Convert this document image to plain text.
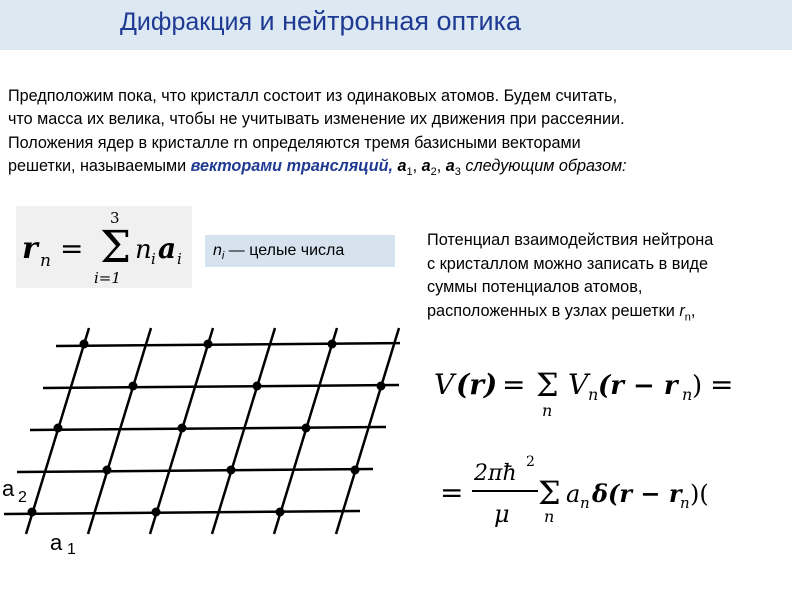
Дифракция и нейтронная оптика
Предположим пока, что кристалл состоит из одинаковых атомов. Будем считать,
что масса их велика, чтобы не учитывать изменение их движения при рассеянии.
Положения ядер в кристалле rn определяются тремя базисными векторами
решетки, называемыми векторами трансляций, $a_1$, $a_2$, $a_3$ следующим образом:
r n =
3
Σ
i=1
n i a i	$n_i$ — целые числа
Потенциал взаимодействия нейтрона
с кристаллом можно записать в виде
суммы потенциалов атомов,
расположенных в узлах решетки $r_n$,
a 2
a 1
V (r) = Σ
n
V n (r − r n ) =
=
2πħ 2
μ
Σ
n
a n δ(r − r
n )(
